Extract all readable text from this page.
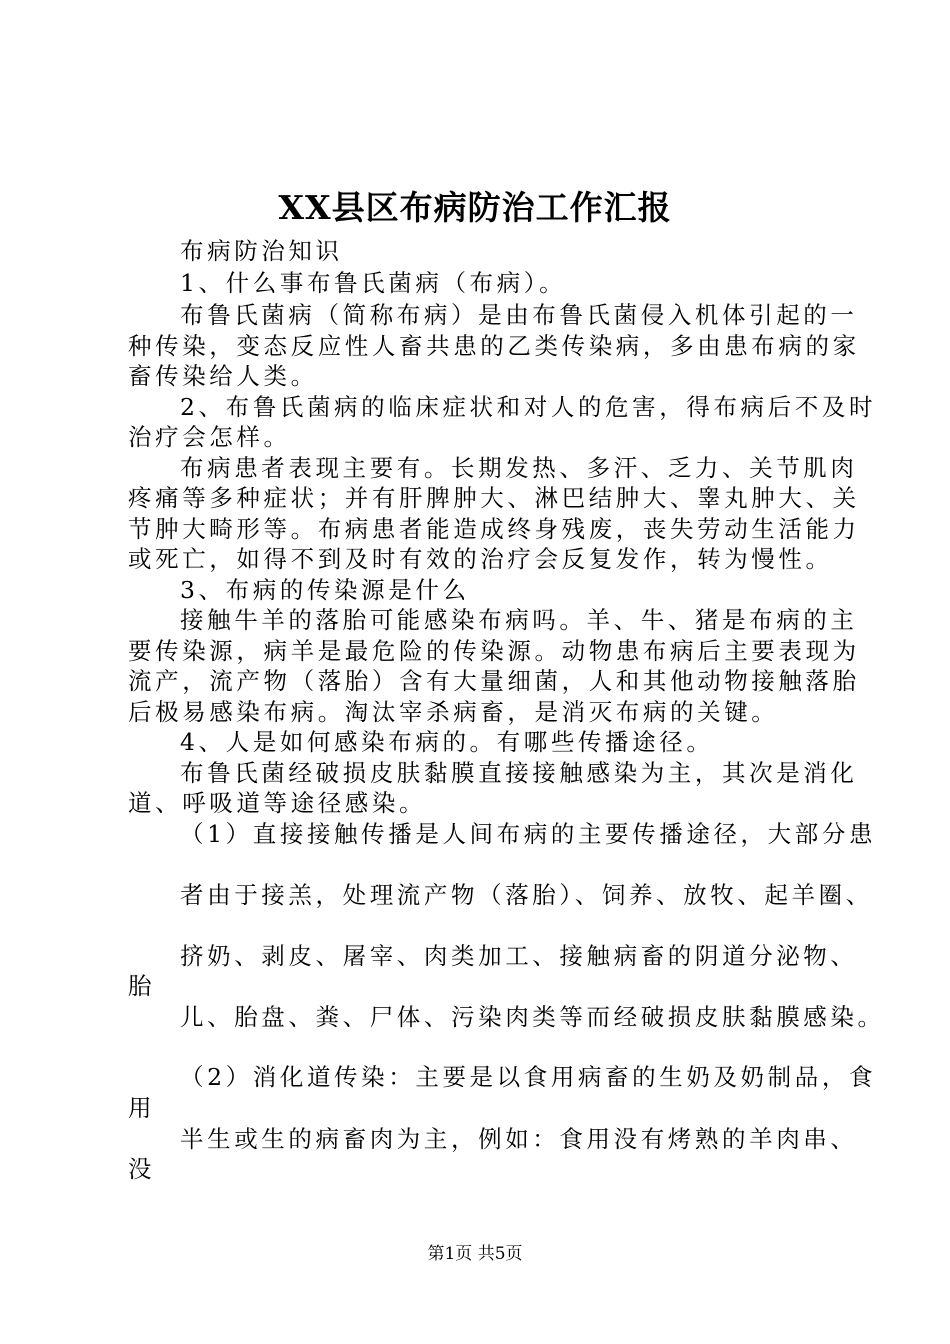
XX县区布病防治工作汇报
布病防治知识
1、什么事布鲁氏菌病（布病）。
布鲁氏菌病（简称布病）是由布鲁氏菌侵入机体引起的一
种传染，变态反应性人畜共患的乙类传染病，多由患布病的家
畜传染给人类。
2、布鲁氏菌病的临床症状和对人的危害，得布病后不及时
治疗会怎样。
布病患者表现主要有。长期发热、多汗、乏力、关节肌肉
疼痛等多种症状；并有肝脾肿大、淋巴结肿大、睾丸肿大、关
节肿大畸形等。布病患者能造成终身残废，丧失劳动生活能力
或死亡，如得不到及时有效的治疗会反复发作，转为慢性。
3、布病的传染源是什么
接触牛羊的落胎可能感染布病吗。羊、牛、猪是布病的主
要传染源，病羊是最危险的传染源。动物患布病后主要表现为
流产，流产物（落胎）含有大量细菌，人和其他动物接触落胎
后极易感染布病。淘汰宰杀病畜，是消灭布病的关键。
4、人是如何感染布病的。有哪些传播途径。
布鲁氏菌经破损皮肤黏膜直接接触感染为主，其次是消化
道、呼吸道等途径感染。
（1）直接接触传播是人间布病的主要传播途径，大部分患
者由于接羔，处理流产物（落胎）、饲养、放牧、起羊圈、
挤奶、剥皮、屠宰、肉类加工、接触病畜的阴道分泌物、
胎
儿、胎盘、粪、尸体、污染肉类等而经破损皮肤黏膜感染。
（2）消化道传染：主要是以食用病畜的生奶及奶制品，食
用
半生或生的病畜肉为主，例如：食用没有烤熟的羊肉串、
没
第1页 共5页
